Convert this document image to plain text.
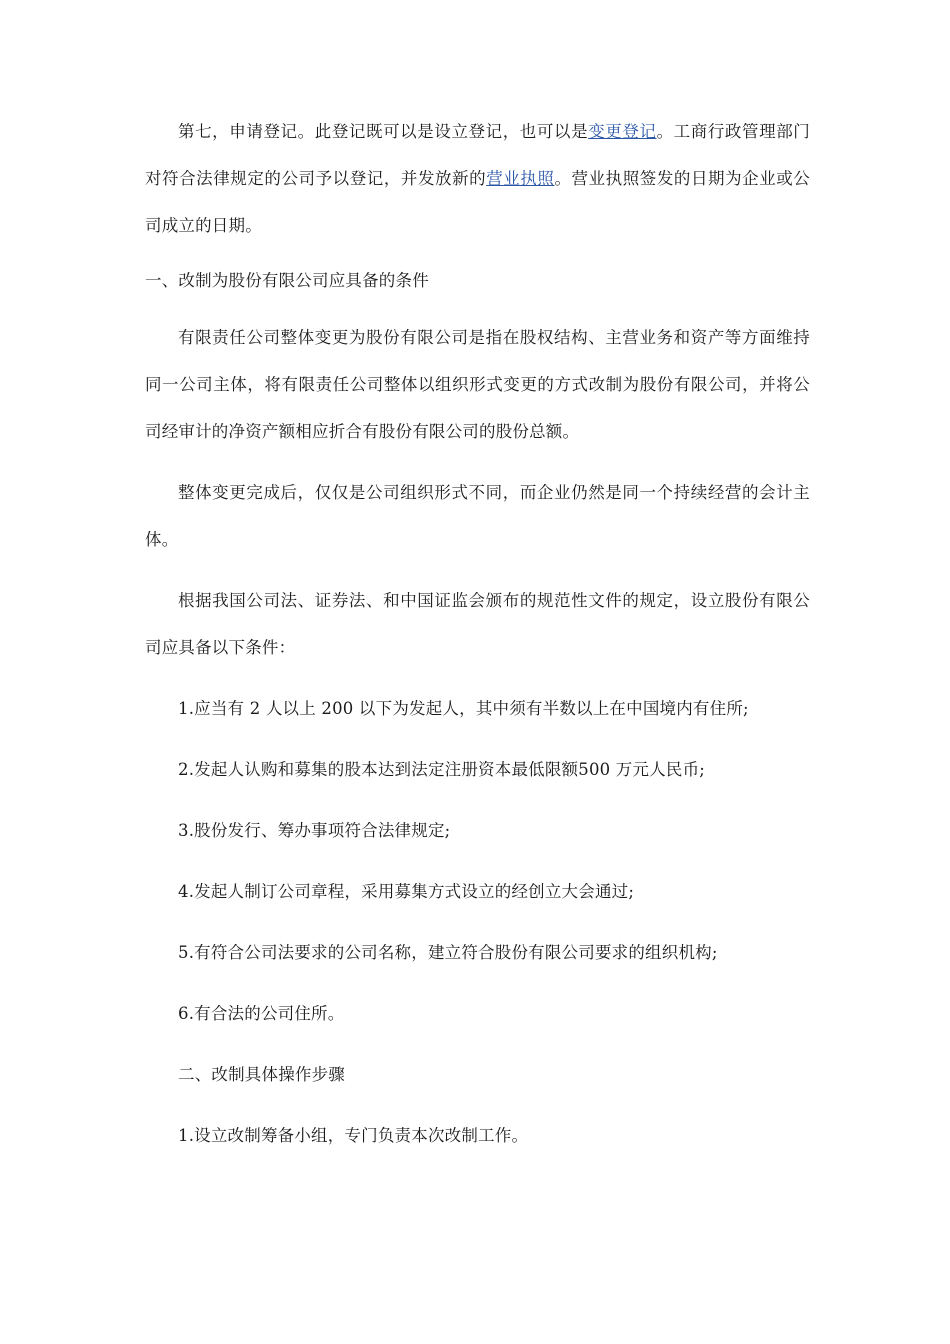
第七，申请登记。此登记既可以是设立登记，也可以是变更登记。工商行政管理部门对符合法律规定的公司予以登记，并发放新的营业执照。营业执照签发的日期为企业或公司成立的日期。

一、改制为股份有限公司应具备的条件

有限责任公司整体变更为股份有限公司是指在股权结构、主营业务和资产等方面维持同一公司主体，将有限责任公司整体以组织形式变更的方式改制为股份有限公司，并将公司经审计的净资产额相应折合有股份有限公司的股份总额。

整体变更完成后，仅仅是公司组织形式不同，而企业仍然是同一个持续经营的会计主体。

根据我国公司法、证券法、和中国证监会颁布的规范性文件的规定，设立股份有限公司应具备以下条件：

1.应当有 2 人以上 200 以下为发起人，其中须有半数以上在中国境内有住所;

2.发起人认购和募集的股本达到法定注册资本最低限额500 万元人民币;

3.股份发行、筹办事项符合法律规定;

4.发起人制订公司章程，采用募集方式设立的经创立大会通过;

5.有符合公司法要求的公司名称，建立符合股份有限公司要求的组织机构;

6.有合法的公司住所。

二、改制具体操作步骤

1.设立改制筹备小组，专门负责本次改制工作。
